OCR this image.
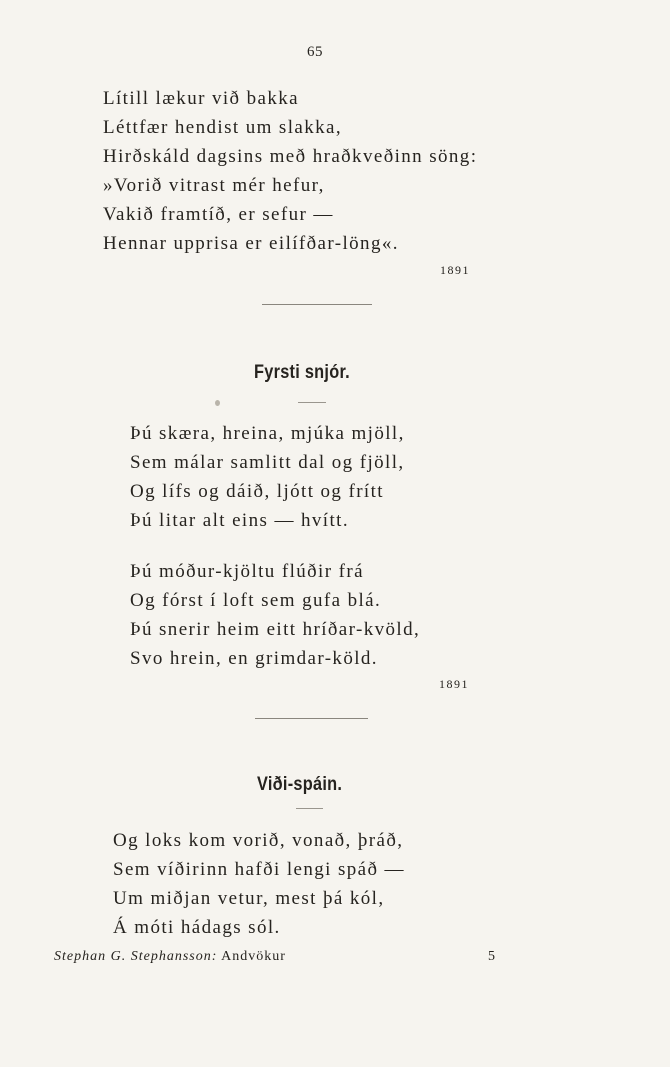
65
Lítill lækur við bakka
Léttfær hendist um slakka,
Hirðskáld dagsins með hraðkveðinn söng:
»Vorið vitrast mér hefur,
Vakið framtíð, er sefur —
Hennar upprisa er eilífðar-löng«.
1891
Fyrsti snjór.
Þú skæra, hreina, mjúka mjöll,
Sem málar samlitt dal og fjöll,
Og lífs og dáið, ljótt og frítt
Þú litar alt eins — hvítt.
Þú móður-kjöltu flúðir frá
Og fórst í loft sem gufa blá.
Þú snerir heim eitt hríðar-kvöld,
Svo hrein, en grimdar-köld.
1891
Viði-spáin.
Og loks kom vorið, vonað, þráð,
Sem víðirinn hafði lengi spáð —
Um miðjan vetur, mest þá kól,
Á móti hádags sól.
Stephan G. Stephansson: Andvökur	5
